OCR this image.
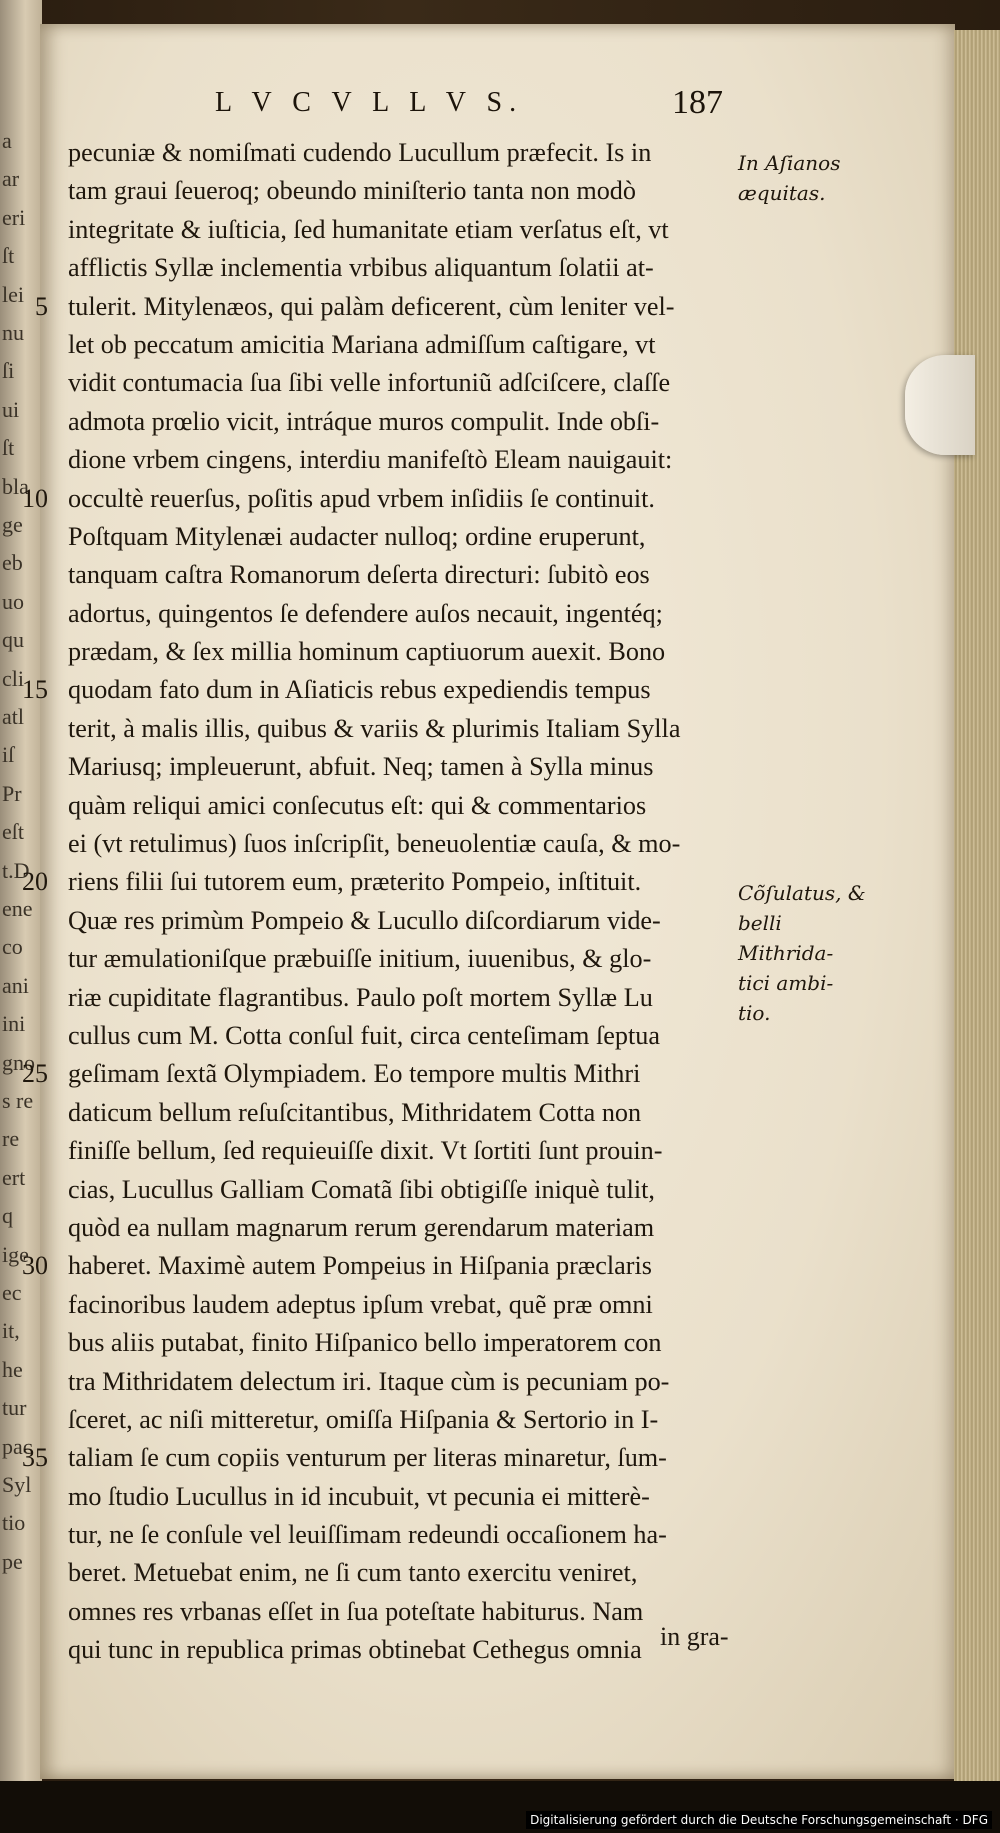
a
ar
eri
ſt
lei
nu
ſi
ui
ſt
bla
ge
eb
uo
qu
cli
atl
iſ
Pr
eſt
t.D
ene
co
ani
ini
gno
s re
re
ert
q
ige
ec
it,
he
tur
pac
Syl
tio
pe
L V C V L L V S.	187
pecuniæ & nomiſmati cudendo Lucullum præfecit. Is in
tam graui ſeueroq; obeundo miniſterio tanta non modò
integritate & iuſticia, ſed humanitate etiam verſatus eſt, vt
afflictis Syllæ inclementia vrbibus aliquantum ſolatii at-
5 tulerit. Mitylenæos, qui palàm deficerent, cùm leniter vel-
let ob peccatum amicitia Mariana admiſſum caſtigare, vt
vidit contumacia ſua ſibi velle infortuniũ adſciſcere, claſſe
admota prœlio vicit, intráque muros compulit. Inde obſi-
dione vrbem cingens, interdiu manifeſtò Eleam nauigauit:
10 occultè reuerſus, poſitis apud vrbem inſidiis ſe continuit.
Poſtquam Mitylenæi audacter nulloq; ordine eruperunt,
tanquam caſtra Romanorum deſerta directuri: ſubitò eos
adortus, quingentos ſe defendere auſos necauit, ingentéq;
prædam, & ſex millia hominum captiuorum auexit. Bono
15 quodam fato dum in Aſiaticis rebus expediendis tempus
terit, à malis illis, quibus & variis & plurimis Italiam Sylla
Mariusq; impleuerunt, abfuit. Neq; tamen à Sylla minus
quàm reliqui amici conſecutus eſt: qui & commentarios
ei (vt retulimus) ſuos inſcripſit, beneuolentiæ cauſa, & mo-
20 riens filii ſui tutorem eum, præterito Pompeio, inſtituit.
Quæ res primùm Pompeio & Lucullo diſcordiarum vide-
tur æmulationiſque præbuiſſe initium, iuuenibus, & glo-
riæ cupiditate flagrantibus. Paulo poſt mortem Syllæ Lu
cullus cum M. Cotta conſul fuit, circa centeſimam ſeptua
25 geſimam ſextã Olympiadem. Eo tempore multis Mithri
daticum bellum reſuſcitantibus, Mithridatem Cotta non
finiſſe bellum, ſed requieuiſſe dixit. Vt ſortiti ſunt prouin-
cias, Lucullus Galliam Comatã ſibi obtigiſſe iniquè tulit,
quòd ea nullam magnarum rerum gerendarum materiam
30 haberet. Maximè autem Pompeius in Hiſpania præclaris
facinoribus laudem adeptus ipſum vrebat, quẽ præ omni
bus aliis putabat, finito Hiſpanico bello imperatorem con
tra Mithridatem delectum iri. Itaque cùm is pecuniam po-
ſceret, ac niſi mitteretur, omiſſa Hiſpania & Sertorio in I-
35 taliam ſe cum copiis venturum per literas minaretur, ſum-
mo ſtudio Lucullus in id incubuit, vt pecunia ei mitterè-
tur, ne ſe conſule vel leuiſſimam redeundi occaſionem ha-
beret. Metuebat enim, ne ſi cum tanto exercitu veniret,
omnes res vrbanas eſſet in ſua poteſtate habiturus. Nam
qui tunc in republica primas obtinebat Cethegus omnia
In Aſianos æquitas.
Cõſulatus, & belli Mithrida- tici ambi- tio.
in gra-
Digitalisierung gefördert durch die Deutsche Forschungsgemeinschaft · DFG
